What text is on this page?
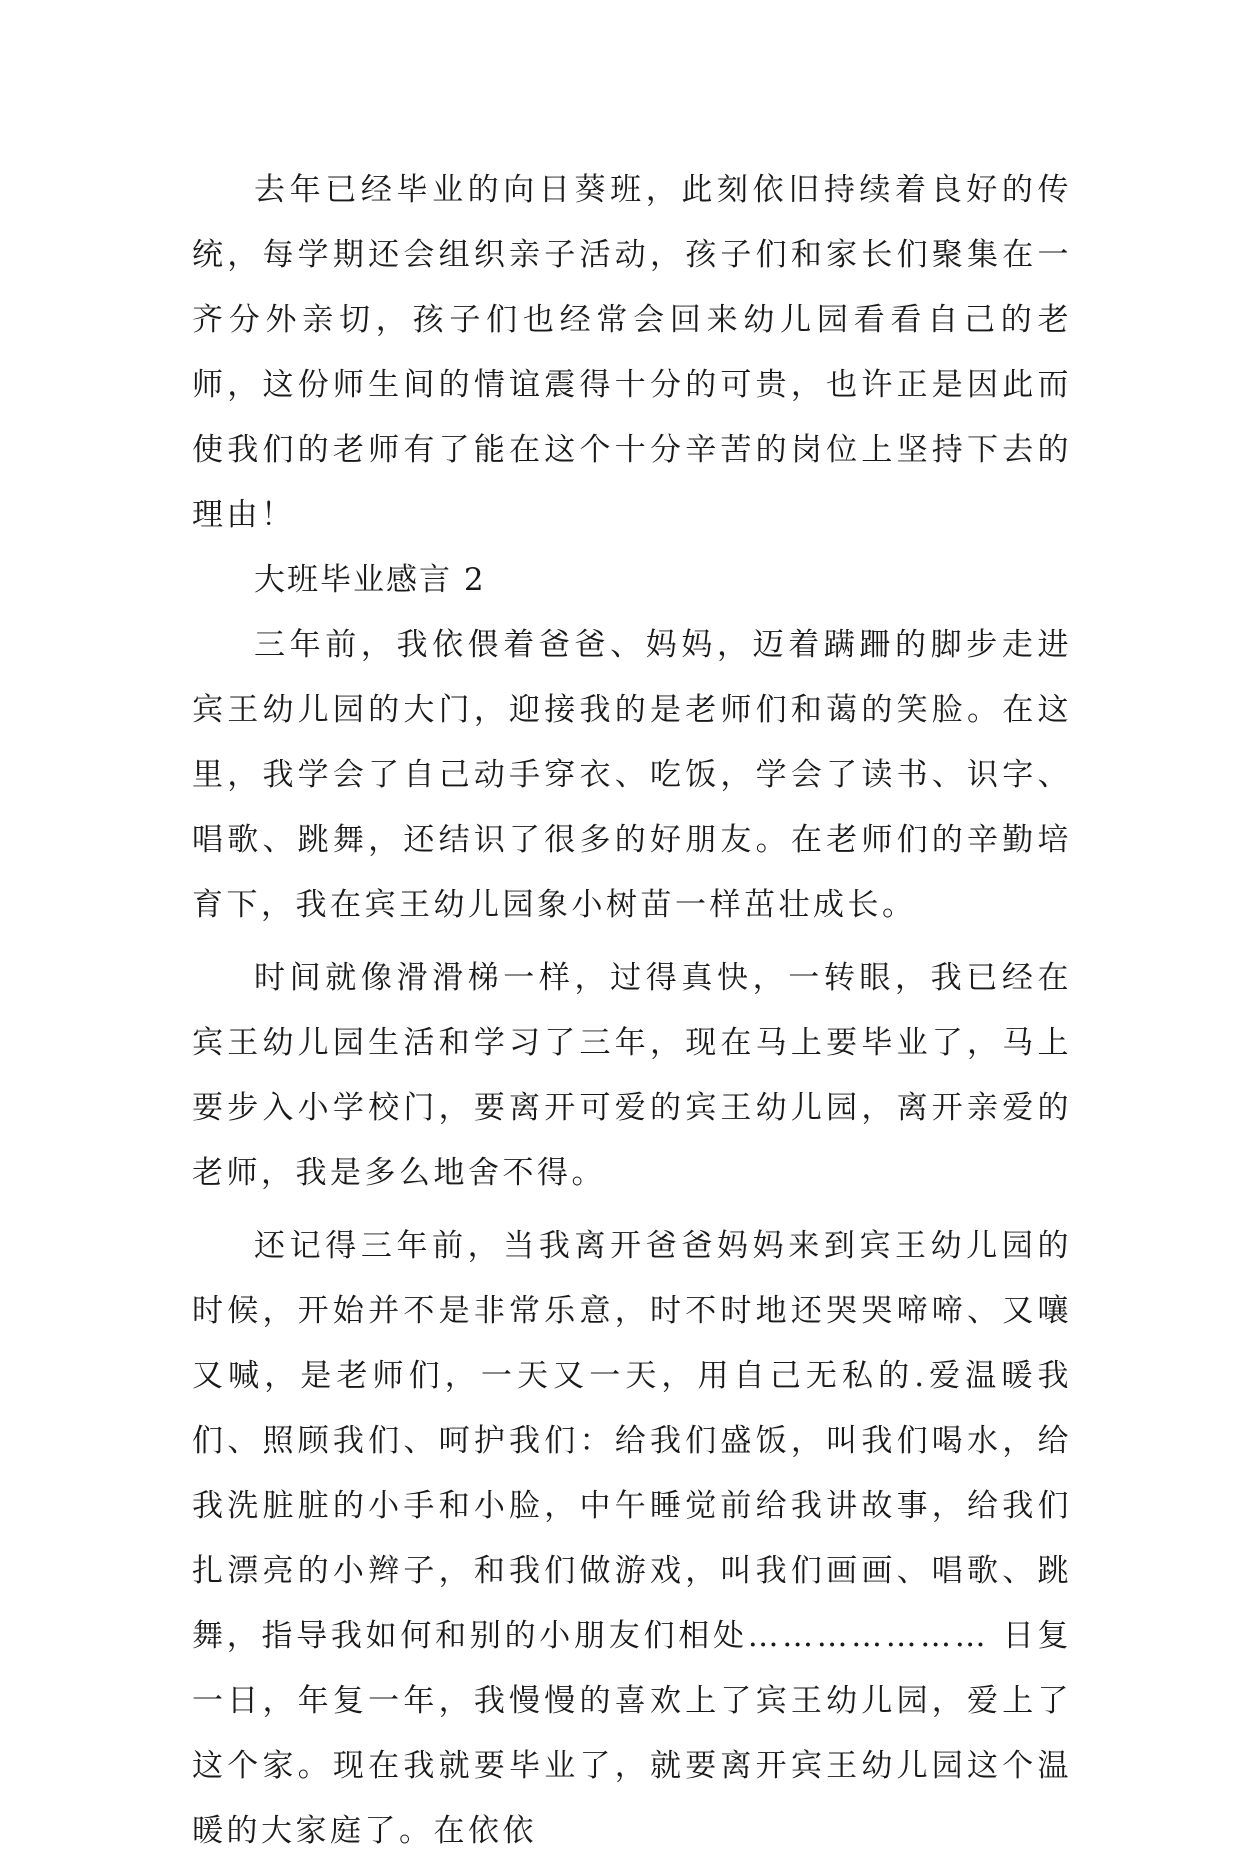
去年已经毕业的向日葵班，此刻依旧持续着良好的传统，每学期还会组织亲子活动，孩子们和家长们聚集在一齐分外亲切，孩子们也经常会回来幼儿园看看自己的老师，这份师生间的情谊震得十分的可贵，也许正是因此而使我们的老师有了能在这个十分辛苦的岗位上坚持下去的理由！

大班毕业感言 2

三年前，我依偎着爸爸、妈妈，迈着蹒跚的脚步走进宾王幼儿园的大门，迎接我的是老师们和蔼的笑脸。在这里，我学会了自己动手穿衣、吃饭，学会了读书、识字、唱歌、跳舞，还结识了很多的好朋友。在老师们的辛勤培育下，我在宾王幼儿园象小树苗一样茁壮成长。

时间就像滑滑梯一样，过得真快，一转眼，我已经在宾王幼儿园生活和学习了三年，现在马上要毕业了，马上要步入小学校门，要离开可爱的宾王幼儿园，离开亲爱的老师，我是多么地舍不得。

还记得三年前，当我离开爸爸妈妈来到宾王幼儿园的时候，开始并不是非常乐意，时不时地还哭哭啼啼、又嚷又喊，是老师们，一天又一天，用自己无私的.爱温暖我们、照顾我们、呵护我们：给我们盛饭，叫我们喝水，给我洗脏脏的小手和小脸，中午睡觉前给我讲故事，给我们扎漂亮的小辫子，和我们做游戏，叫我们画画、唱歌、跳舞，指导我如何和别的小朋友们相处………………… 日复一日，年复一年，我慢慢的喜欢上了宾王幼儿园，爱上了这个家。现在我就要毕业了，就要离开宾王幼儿园这个温暖的大家庭了。在依依
